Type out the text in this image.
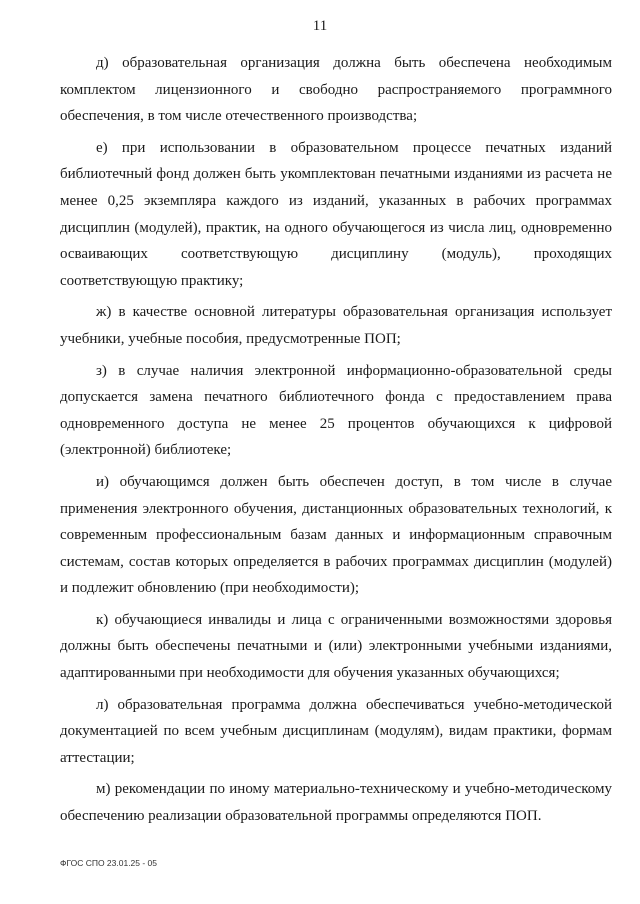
11

д) образовательная организация должна быть обеспечена необходимым комплектом лицензионного и свободно распространяемого программного обеспечения, в том числе отечественного производства;

е) при использовании в образовательном процессе печатных изданий библиотечный фонд должен быть укомплектован печатными изданиями из расчета не менее 0,25 экземпляра каждого из изданий, указанных в рабочих программах дисциплин (модулей), практик, на одного обучающегося из числа лиц, одновременно осваивающих соответствующую дисциплину (модуль), проходящих соответствующую практику;

ж) в качестве основной литературы образовательная организация использует учебники, учебные пособия, предусмотренные ПОП;

з) в случае наличия электронной информационно-образовательной среды допускается замена печатного библиотечного фонда с предоставлением права одновременного доступа не менее 25 процентов обучающихся к цифровой (электронной) библиотеке;

и) обучающимся должен быть обеспечен доступ, в том числе в случае применения электронного обучения, дистанционных образовательных технологий, к современным профессиональным базам данных и информационным справочным системам, состав которых определяется в рабочих программах дисциплин (модулей) и подлежит обновлению (при необходимости);

к) обучающиеся инвалиды и лица с ограниченными возможностями здоровья должны быть обеспечены печатными и (или) электронными учебными изданиями, адаптированными при необходимости для обучения указанных обучающихся;

л) образовательная программа должна обеспечиваться учебно-методической документацией по всем учебным дисциплинам (модулям), видам практики, формам аттестации;

м) рекомендации по иному материально-техническому и учебно-методическому обеспечению реализации образовательной программы определяются ПОП.

ФГОС СПО 23.01.25 - 05
